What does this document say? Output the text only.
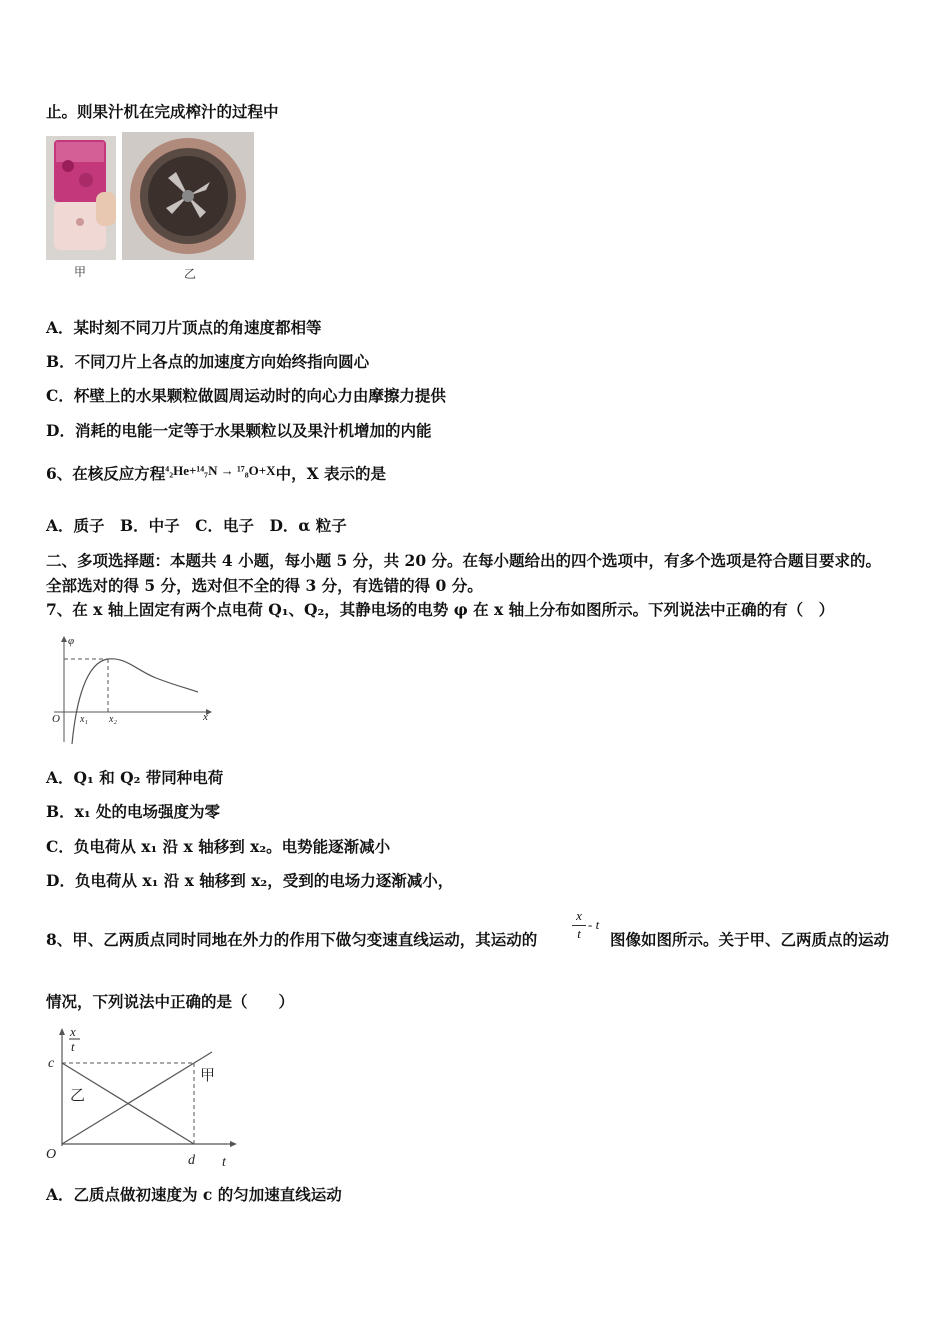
止。则果汁机在完成榨汁的过程中
甲	乙
A．某时刻不同刀片顶点的角速度都相等
B．不同刀片上各点的加速度方向始终指向圆心
C．杯壁上的水果颗粒做圆周运动时的向心力由摩擦力提供
D．消耗的电能一定等于水果颗粒以及果汁机增加的内能
6、在核反应方程⁴₂He+¹⁴₇N → ¹⁷₈O+X中，X 表示的是
A．质子　B．中子　C．电子　D．α 粒子
二、多项选择题：本题共 4 小题，每小题 5 分，共 20 分。在每小题给出的四个选项中，有多个选项是符合题目要求的。
全部选对的得 5 分，选对但不全的得 3 分，有选错的得 0 分。
7、在 x 轴上固定有两个点电荷 Q₁、Q₂，其静电场的电势 φ 在 x 轴上分布如图所示。下列说法中正确的有（　）
φ
O x₁ x₂	x
A．Q₁ 和 Q₂ 带同种电荷
B．x₁ 处的电场强度为零
C．负电荷从 x₁ 沿 x 轴移到 x₂。电势能逐渐减小
D．负电荷从 x₁ 沿 x 轴移到 x₂，受到的电场力逐渐减小，
8、甲、乙两质点同时同地在外力的作用下做匀变速直线运动，其运动的	$\frac{x}{t}$ - t
图像如图所示。关于甲、乙两质点的运动
情况，下列说法中正确的是（　　）
x
t
c
O	d t
甲
乙
A．乙质点做初速度为 c 的匀加速直线运动
